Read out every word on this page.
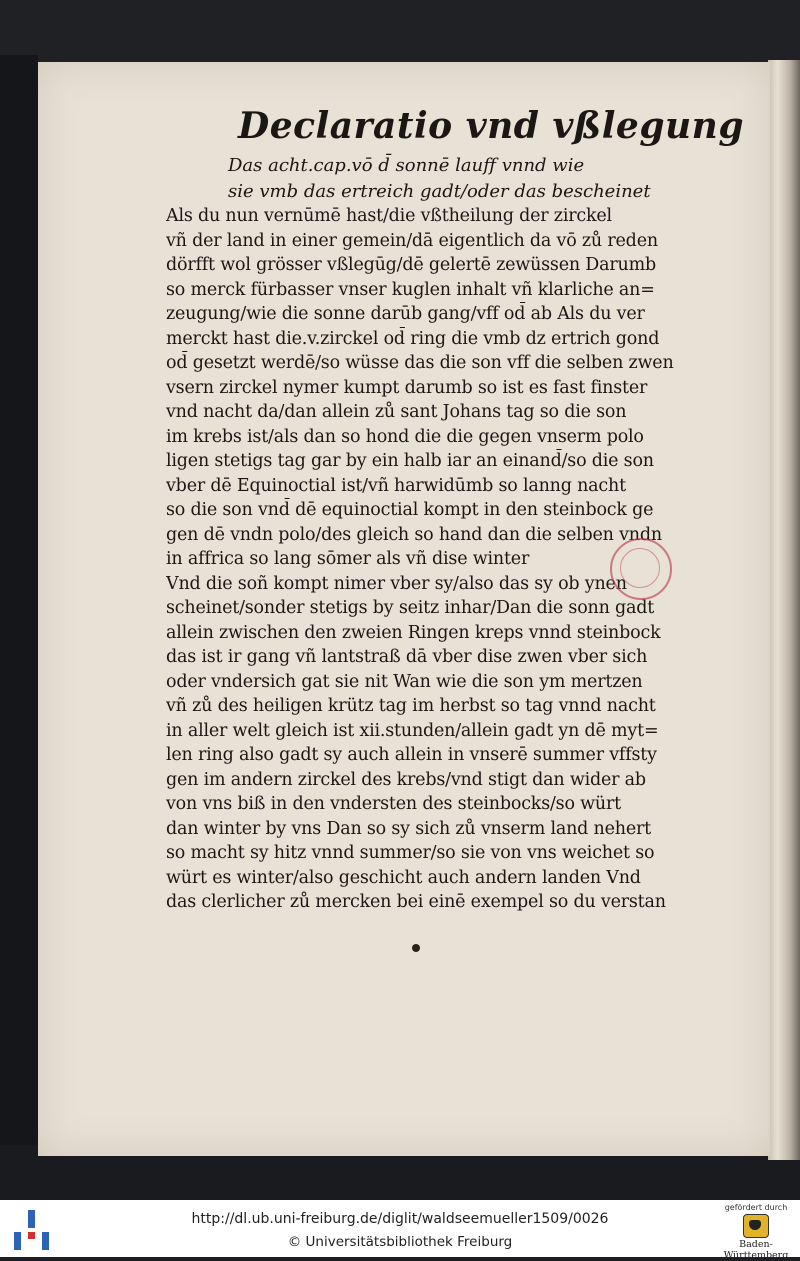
Declaratio vnd vßlegung
Das acht.cap.vō d̄ sonnē lauff vnnd wie
sie vmb das ertreich gadt/oder das bescheinet
Als du nun vernūmē hast/die vßtheilung der zirckel
vñ der land in einer gemein/dā eigentlich da vō zů reden
dörfft wol grösser vßlegūg/dē gelertē zewüssen Darumb
so merck fürbasser vnser kuglen inhalt vñ klarliche an=
zeugung/wie die sonne darūb gang/vff od̄ ab Als du ver
merckt hast die.v.zirckel od̄ ring die vmb dz ertrich gond
od̄ gesetzt werdē/so wüsse das die son vff die selben zwen
vsern zirckel nymer kumpt darumb so ist es fast finster
vnd nacht da/dan allein zů sant Johans tag so die son
im krebs ist/als dan so hond die die gegen vnserm polo
ligen stetigs tag gar by ein halb iar an einand̄/so die son
vber dē Equinoctial ist/vñ harwidūmb so lanng nacht
so die son vnd̄ dē equinoctial kompt in den steinbock ge
gen dē vndn polo/des gleich so hand dan die selben vndn
in affrica so lang sōmer als vñ dise winter
Vnd die soñ kompt nimer vber sy/also das sy ob ynen
scheinet/sonder stetigs by seitz inhar/Dan die sonn gadt
allein zwischen den zweien Ringen kreps vnnd steinbock
das ist ir gang vñ lantstraß dā vber dise zwen vber sich
oder vndersich gat sie nit Wan wie die son ym mertzen
vñ zů des heiligen krütz tag im herbst so tag vnnd nacht
in aller welt gleich ist xii.stunden/allein gadt yn dē myt=
len ring also gadt sy auch allein in vnserē summer vffsty
gen im andern zirckel des krebs/vnd stigt dan wider ab
von vns biß in den vndersten des steinbocks/so würt
dan winter by vns Dan so sy sich zů vnserm land nehert
so macht sy hitz vnnd summer/so sie von vns weichet so
würt es winter/also geschicht auch andern landen Vnd
das clerlicher zů mercken bei einē exempel so du verstan
http://dl.ub.uni-freiburg.de/diglit/waldseemueller1509/0026
© Universitätsbibliothek Freiburg
gefördert durch
Baden-Württemberg
